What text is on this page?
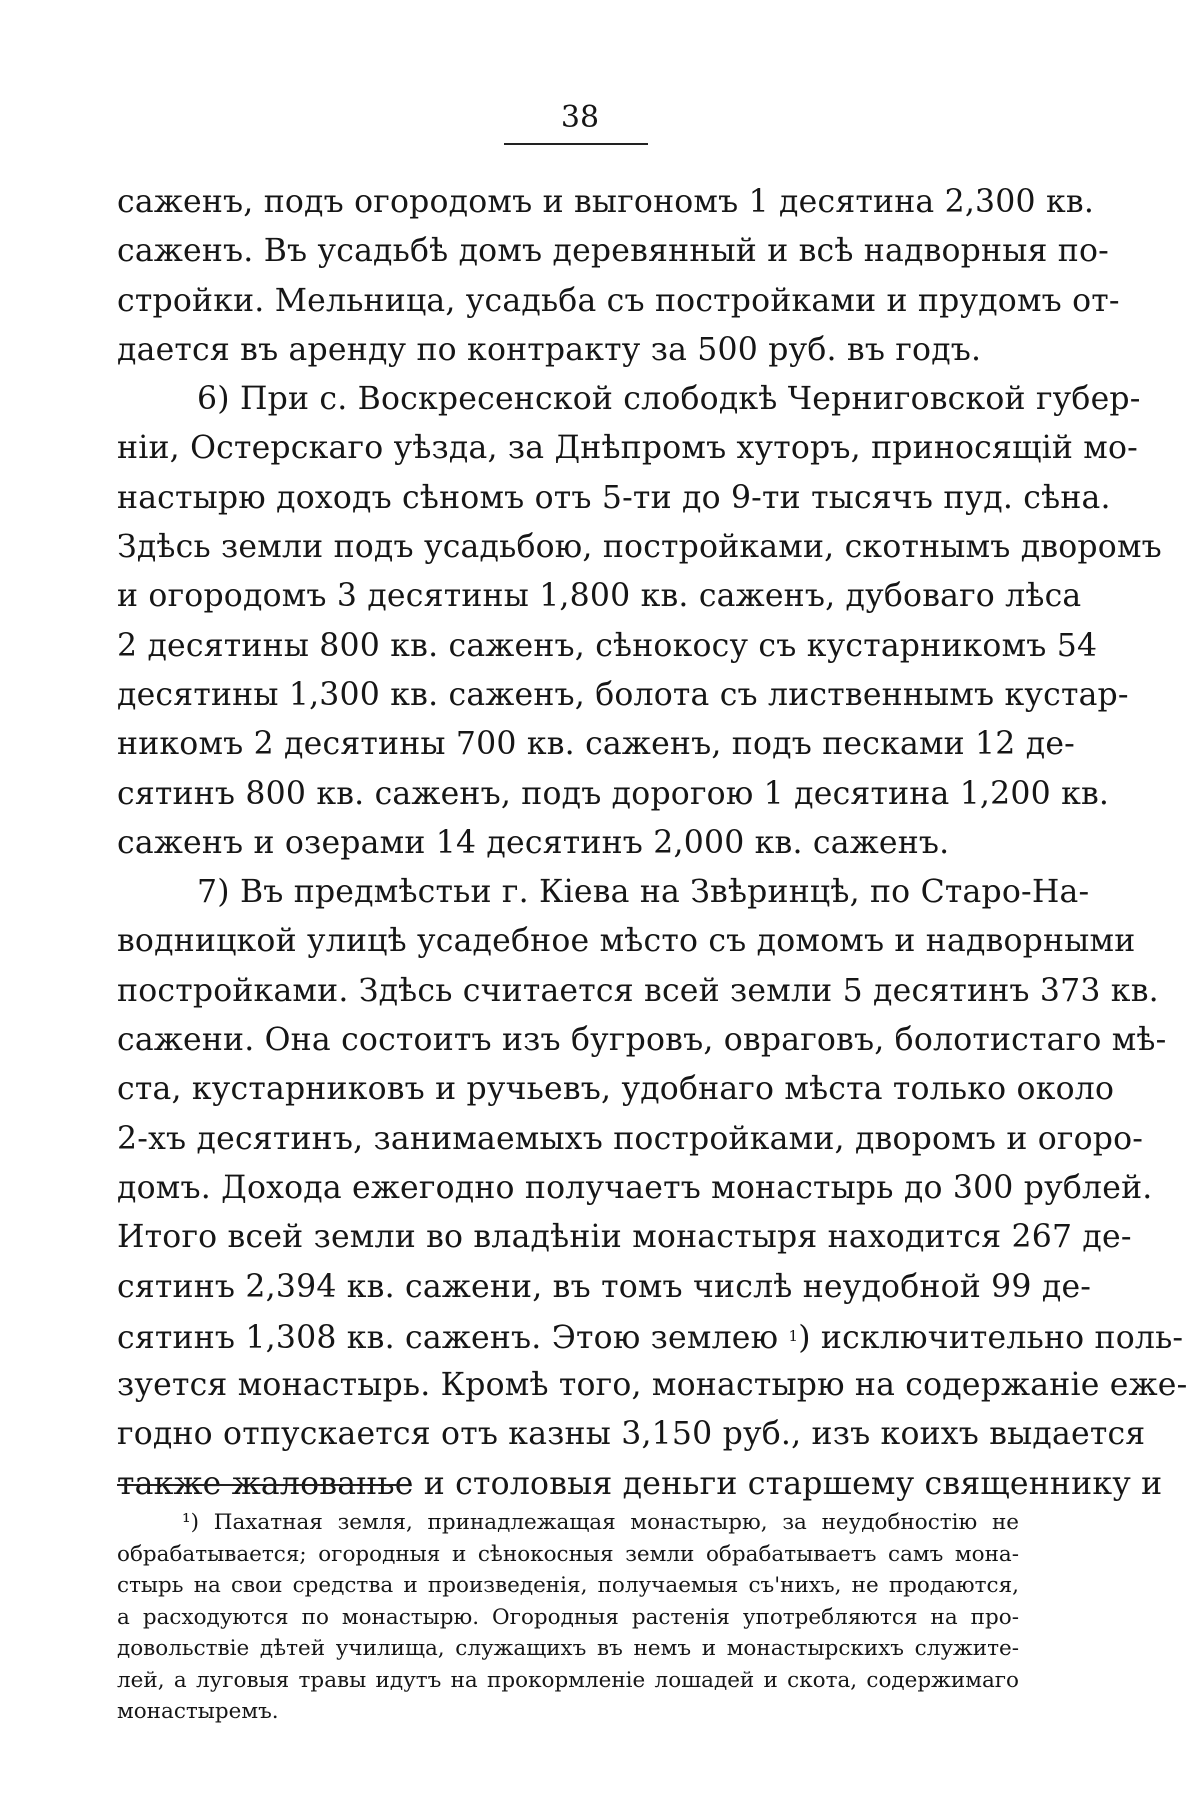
38
саженъ, подъ огородомъ и выгономъ 1 десятина 2,300 кв.
саженъ. Въ усадьбѣ домъ деревянный и всѣ надворныя по-
стройки. Мельница, усадьба съ постройками и прудомъ от-
дается въ аренду по контракту за 500 руб. въ годъ.
6) При с. Воскресенской слободкѣ Черниговской губер-
ніи, Остерскаго уѣзда, за Днѣпромъ хуторъ, приносящій мо-
настырю доходъ сѣномъ отъ 5-ти до 9-ти тысячъ пуд. сѣна.
Здѣсь земли подъ усадьбою, постройками, скотнымъ дворомъ
и огородомъ 3 десятины 1,800 кв. саженъ, дубоваго лѣса
2 десятины 800 кв. саженъ, сѣнокосу съ кустарникомъ 54
десятины 1,300 кв. саженъ, болота съ лиственнымъ кустар-
никомъ 2 десятины 700 кв. саженъ, подъ песками 12 де-
сятинъ 800 кв. саженъ, подъ дорогою 1 десятина 1,200 кв.
саженъ и озерами 14 десятинъ 2,000 кв. саженъ.
7) Въ предмѣстьи г. Кіева на Звѣринцѣ, по Старо-На-
водницкой улицѣ усадебное мѣсто съ домомъ и надворными
постройками. Здѣсь считается всей земли 5 десятинъ 373 кв.
сажени. Она состоитъ изъ бугровъ, овраговъ, болотистаго мѣ-
ста, кустарниковъ и ручьевъ, удобнаго мѣста только около
2-хъ десятинъ, занимаемыхъ постройками, дворомъ и огоро-
домъ. Дохода ежегодно получаетъ монастырь до 300 рублей.
Итого всей земли во владѣніи монастыря находится 267 де-
сятинъ 2,394 кв. сажени, въ томъ числѣ неудобной 99 де-
сятинъ 1,308 кв. саженъ. Этою землею $^1$) исключительно поль-
зуется монастырь. Кромѣ того, монастырю на содержаніе еже-
годно отпускается отъ казны 3,150 руб., изъ коихъ выдается
также жалованье и столовыя деньги старшему священнику и
¹) Пахатная земля, принадлежащая монастырю, за неудобностію не
обрабатывается; огородныя и сѣнокосныя земли обрабатываетъ самъ мона-
стырь на свои средства и произведенія, получаемыя съ'нихъ, не продаются,
а расходуются по монастырю. Огородныя растенія употребляются на про-
довольствіе дѣтей училища, служащихъ въ немъ и монастырскихъ служите-
лей, а луговыя травы идутъ на прокормленіе лошадей и скота, содержимаго
монастыремъ.
